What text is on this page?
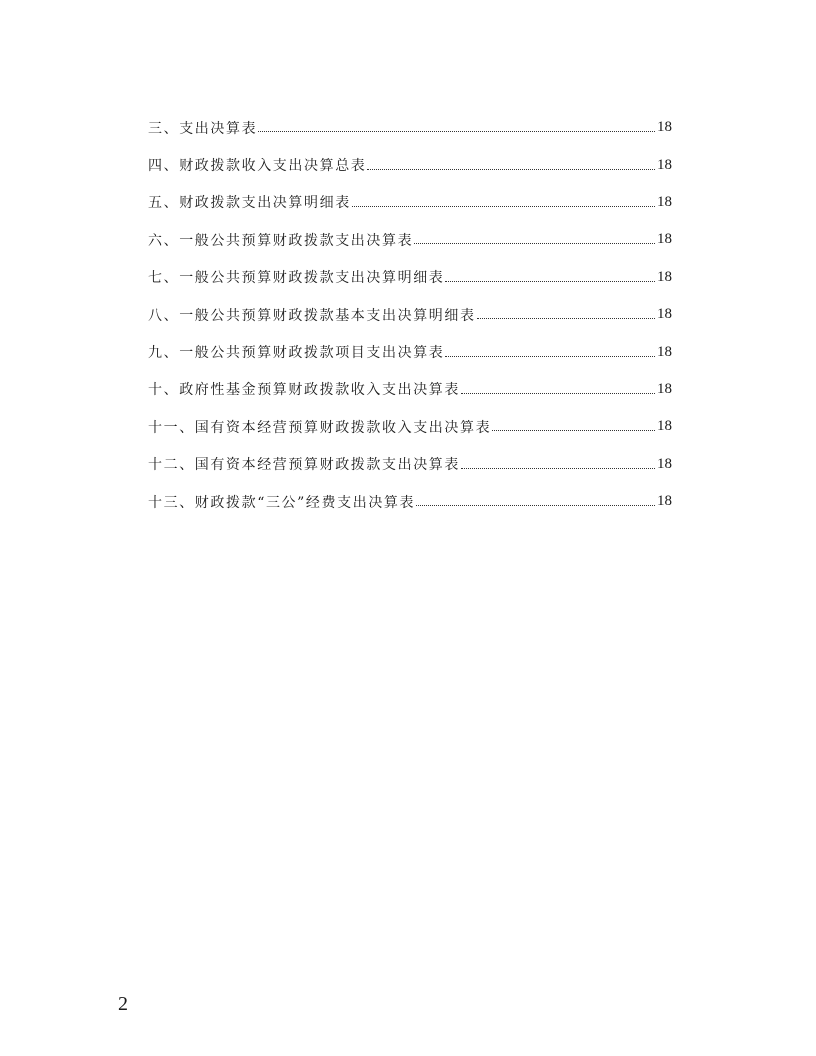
三、支出决算表	18
四、财政拨款收入支出决算总表	18
五、财政拨款支出决算明细表	18
六、一般公共预算财政拨款支出决算表	18
七、一般公共预算财政拨款支出决算明细表	18
八、一般公共预算财政拨款基本支出决算明细表	18
九、一般公共预算财政拨款项目支出决算表	18
十、政府性基金预算财政拨款收入支出决算表	18
十一、国有资本经营预算财政拨款收入支出决算表	18
十二、国有资本经营预算财政拨款支出决算表	18
十三、财政拨款“三公”经费支出决算表	18
2
